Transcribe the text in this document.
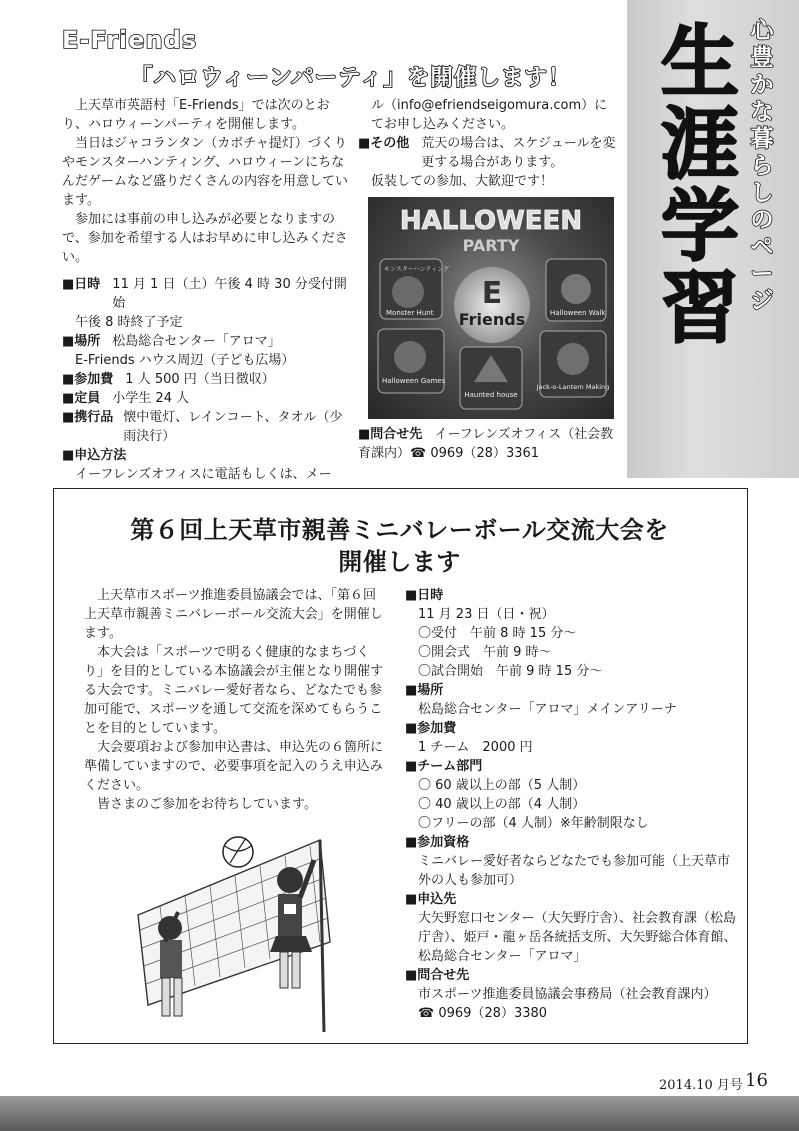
心
豊
か
な
暮
ら
し
の
ペ
ー
ジ
生
涯
学
習
E-Friends
「ハロウィーンパーティ」を開催します！

上天草市英語村「E-Friends」では次のとおり、ハロウィーンパーティを開催します。

当日はジャコランタン（カボチャ提灯）づくりやモンスターハンティング、ハロウィーンにちなんだゲームなど盛りだくさんの内容を用意しています。

参加には事前の申し込みが必要となりますので、参加を希望する人はお早めに申し込みください。

■日時 11 月 1 日（土）午後 4 時 30 分受付開始

午後 8 時終了予定

■場所 松島総合センター「アロマ」

E-Friends ハウス周辺（子ども広場）

■参加費 1 人 500 円（当日徴収）
■定員 小学生 24 人
■携行品 懐中電灯、レインコート、タオル（少雨決行）

■申込方法

イーフレンズオフィスに電話もしくは、メー

ル（info@efriendseigomura.com）にてお申し込みください。

■その他 荒天の場合は、スケジュールを変更する場合があります。

仮装しての参加、大歓迎です！

HALLOWEEN
PARTY
モンスターハンティング
Monster Hunt	Halloween Walk
E
Friends
Halloween Games
Haunted house
Jack-o-Lantern Making

■問合せ先 イーフレンズオフィス（社会教育課内）☎ 0969（28）3361

第６回上天草市親善ミニバレーボール交流大会を
開催します

上天草市スポーツ推進委員協議会では、「第６回上天草市親善ミニバレーボール交流大会」を開催します。

本大会は「スポーツで明るく健康的なまちづくり」を目的としている本協議会が主催となり開催する大会です。ミニバレー愛好者なら、どなたでも参加可能で、スポーツを通して交流を深めてもらうことを目的としています。

大会要項および参加申込書は、申込先の６箇所に準備していますので、必要事項を記入のうえ申込みください。

皆さまのご参加をお待ちしています。

■日時

11 月 23 日（日・祝）

〇受付　午前 8 時 15 分～

〇開会式　午前 9 時～

〇試合開始　午前 9 時 15 分～

■場所

松島総合センター「アロマ」メインアリーナ

■参加費

1 チーム　2000 円

■チーム部門

〇 60 歳以上の部（5 人制）

〇 40 歳以上の部（4 人制）

〇フリーの部（4 人制）※年齢制限なし

■参加資格

ミニバレー愛好者ならどなたでも参加可能（上天草市外の人も参加可）

■申込先

大矢野窓口センター（大矢野庁舎）、社会教育課（松島庁舎）、姫戸・龍ヶ岳各統括支所、大矢野総合体育館、松島総合センター「アロマ」

■問合せ先

市スポーツ推進委員協議会事務局（社会教育課内）

☎ 0969（28）3380

2014.10 月号 16
